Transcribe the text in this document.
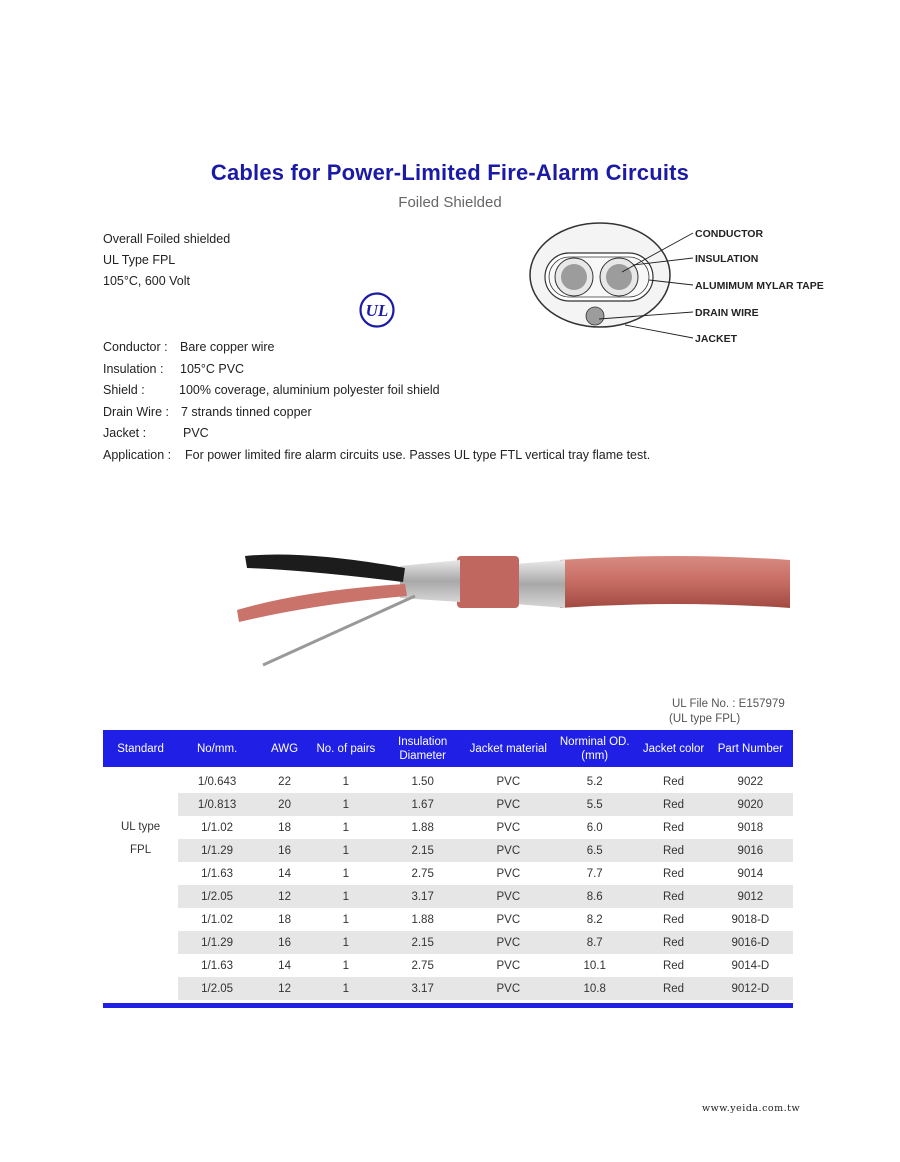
Cables for Power-Limited Fire-Alarm Circuits
Foiled Shielded
Overall Foiled shielded
UL Type FPL
105°C, 600 Volt
UL
CONDUCTOR
INSULATION
ALUMIMUM MYLAR TAPE
DRAIN WIRE
JACKET
Conductor : Bare copper wire
Insulation : 105°C PVC
Shield :	100% coverage, aluminium polyester foil shield
Drain Wire : 7 strands tinned copper
Jacket :	PVC
Application : For power limited fire alarm circuits use. Passes UL type FTL vertical tray flame test.
UL File No. : E157979
(UL type FPL)
Standard	No/mm.	AWG	No. of pairs	Insulation Diameter	Jacket material	Norminal OD.(mm)	Jacket color	Part Number

UL type
FPL	1/0.643	22	1	1.50	PVC	5.2	Red	9022
	1/0.813	20	1	1.67	PVC	5.5	Red	9020
	1/1.02	18	1	1.88	PVC	6.0	Red	9018
	1/1.29	16	1	2.15	PVC	6.5	Red	9016
	1/1.63	14	1	2.75	PVC	7.7	Red	9014
	1/2.05	12	1	3.17	PVC	8.6	Red	9012
	1/1.02	18	1	1.88	PVC	8.2	Red	9018-D
	1/1.29	16	1	2.15	PVC	8.7	Red	9016-D
	1/1.63	14	1	2.75	PVC	10.1	Red	9014-D
	1/2.05	12	1	3.17	PVC	10.8	Red	9012-D
www.yeida.com.tw
